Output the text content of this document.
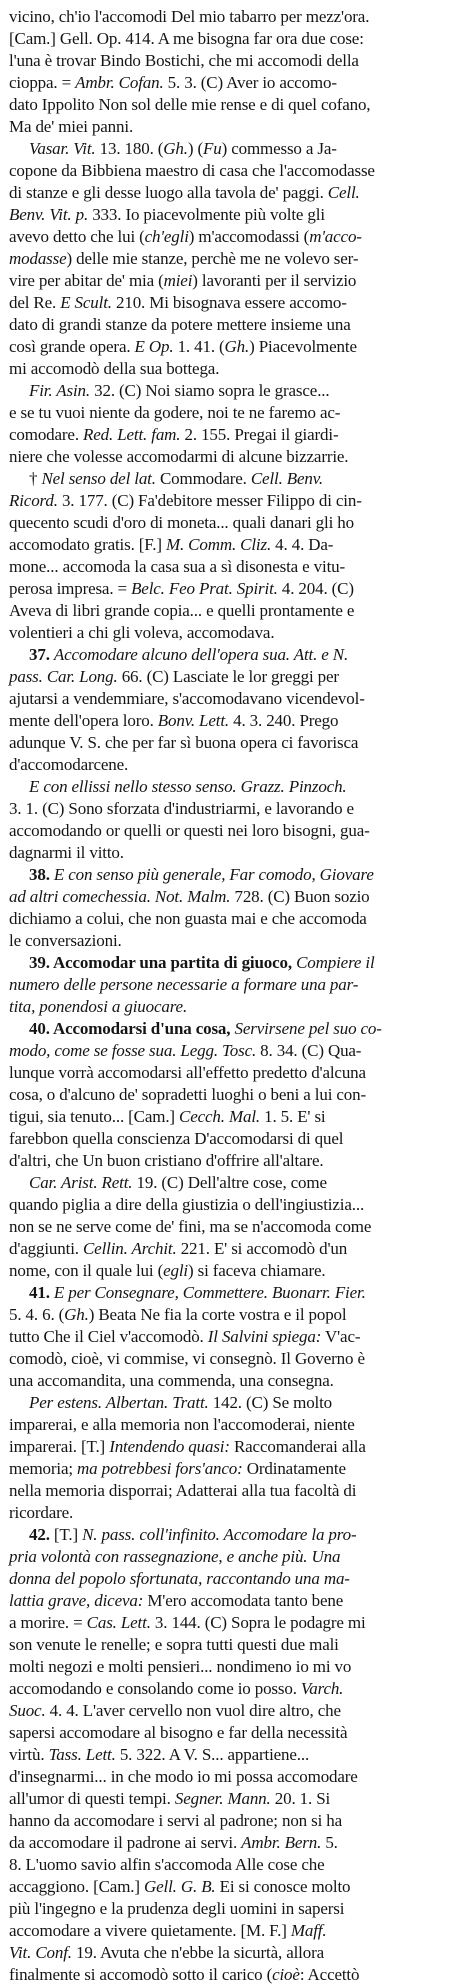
vicino, ch'io l'accomodi Del mio tabarro per mezz'ora.
[Cam.] Gell. Op. 414. A me bisogna far ora due cose:
l'una è trovar Bindo Bostichi, che mi accomodi della
cioppa. = Ambr. Cofan. 5. 3. (C) Aver io accomo-
dato Ippolito Non sol delle mie rense e di quel cofano,
Ma de' miei panni.
Vasar. Vit. 13. 180. (Gh.) (Fu) commesso a Ja-
copone da Bibbiena maestro di casa che l'accomodasse
di stanze e gli desse luogo alla tavola de' paggi. Cell.
Benv. Vit. p. 333. Io piacevolmente più volte gli
avevo detto che lui (ch'egli) m'accomodassi (m'acco-
modasse) delle mie stanze, perchè me ne volevo ser-
vire per abitar de' mia (miei) lavoranti per il servizio
del Re. E Scult. 210. Mi bisognava essere accomo-
dato di grandi stanze da potere mettere insieme una
così grande opera. E Op. 1. 41. (Gh.) Piacevolmente
mi accomodò della sua bottega.
Fir. Asin. 32. (C) Noi siamo sopra le grasce...
e se tu vuoi niente da godere, noi te ne faremo ac-
comodare. Red. Lett. fam. 2. 155. Pregai il giardi-
niere che volesse accomodarmi di alcune bizzarrie.
† Nel senso del lat. Commodare. Cell. Benv.
Ricord. 3. 177. (C) Fa'debitore messer Filippo di cin-
quecento scudi d'oro di moneta... quali danari gli ho
accomodato gratis. [F.] M. Comm. Cliz. 4. 4. Da-
mone... accomoda la casa sua a sì disonesta e vitu-
perosa impresa. = Belc. Feo Prat. Spirit. 4. 204. (C)
Aveva di libri grande copia... e quelli prontamente e
volentieri a chi gli voleva, accomodava.
37. Accomodare alcuno dell'opera sua. Att. e N.
pass. Car. Long. 66. (C) Lasciate le lor greggi per
ajutarsi a vendemmiare, s'accomodavano vicendevol-
mente dell'opera loro. Bonv. Lett. 4. 3. 240. Prego
adunque V. S. che per far sì buona opera ci favorisca
d'accomodarcene.
E con ellissi nello stesso senso. Grazz. Pinzoch.
3. 1. (C) Sono sforzata d'industriarmi, e lavorando e
accomodando or quelli or questi nei loro bisogni, gua-
dagnarmi il vitto.
38. E con senso più generale, Far comodo, Giovare
ad altri comechessia. Not. Malm. 728. (C) Buon sozio
dichiamo a colui, che non guasta mai e che accomoda
le conversazioni.
39. Accomodar una partita di giuoco, Compiere il
numero delle persone necessarie a formare una par-
tita, ponendosi a giuocare.
40. Accomodarsi d'una cosa, Servirsene pel suo co-
modo, come se fosse sua. Legg. Tosc. 8. 34. (C) Qua-
lunque vorrà accomodarsi all'effetto predetto d'alcuna
cosa, o d'alcuno de' sopradetti luoghi o beni a lui con-
tigui, sia tenuto... [Cam.] Cecch. Mal. 1. 5. E' si
farebbon quella conscienza D'accomodarsi di quel
d'altri, che Un buon cristiano d'offrire all'altare.
Car. Arist. Rett. 19. (C) Dell'altre cose, come
quando piglia a dire della giustizia o dell'ingiustizia...
non se ne serve come de' fini, ma se n'accomoda come
d'aggiunti. Cellin. Archit. 221. E' si accomodò d'un
nome, con il quale lui (egli) si faceva chiamare.
41. E per Consegnare, Commettere. Buonarr. Fier.
5. 4. 6. (Gh.) Beata Ne fia la corte vostra e il popol
tutto Che il Ciel v'accomodò. Il Salvini spiega: V'ac-
comodò, cioè, vi commise, vi consegnò. Il Governo è
una accomandita, una commenda, una consegna.
Per estens. Albertan. Tratt. 142. (C) Se molto
imparerai, e alla memoria non l'accomoderai, niente
imparerai. [T.] Intendendo quasi: Raccomanderai alla
memoria; ma potrebbesi fors'anco: Ordinatamente
nella memoria disporrai; Adatterai alla tua facoltà di
ricordare.
42. [T.] N. pass. coll'infinito. Accomodare la pro-
pria volontà con rassegnazione, e anche più. Una
donna del popolo sfortunata, raccontando una ma-
lattia grave, diceva: M'ero accomodata tanto bene
a morire. = Cas. Lett. 3. 144. (C) Sopra le podagre mi
son venute le renelle; e sopra tutti questi due mali
molti negozi e molti pensieri... nondimeno io mi vo
accomodando e consolando come io posso. Varch.
Suoc. 4. 4. L'aver cervello non vuol dire altro, che
sapersi accomodare al bisogno e far della necessità
virtù. Tass. Lett. 5. 322. A V. S... appartiene...
d'insegnarmi... in che modo io mi possa accomodare
all'umor di questi tempi. Segner. Mann. 20. 1. Si
hanno da accomodare i servi al padrone; non si ha
da accomodare il padrone ai servi. Ambr. Bern. 5.
8. L'uomo savio alfin s'accomoda Alle cose che
accaggiono. [Cam.] Gell. G. B. Ei si conosce molto
più l'ingegno e la prudenza degli uomini in sapersi
accomodare a vivere quietamente. [M. F.] Maff.
Vit. Conf. 19. Avuta che n'ebbe la sicurtà, allora
finalmente si accomodò sotto il carico (cioè: Accettò
